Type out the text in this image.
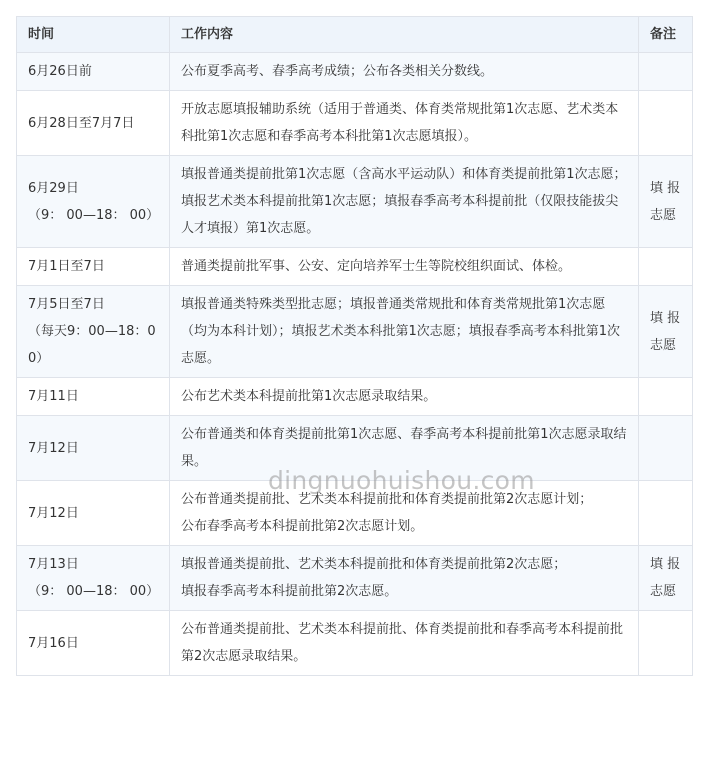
时间	工作内容	备注

6月26日前	公布夏季高考、春季高考成绩；公布各类相关分数线。	

6月28日至7月7日	开放志愿填报辅助系统（适用于普通类、体育类常规批第1次志愿、艺术类本科批第1次志愿和春季高考本科批第1次志愿填报）。	

6月29日
（9： 00—18： 00）	填报普通类提前批第1次志愿（含高水平运动队）和体育类提前批第1次志愿；
填报艺术类本科提前批第1次志愿；填报春季高考本科提前批（仅限技能拔尖人才填报）第1次志愿。	填 报志愿

7月1日至7日	普通类提前批军事、公安、定向培养军士生等院校组织面试、体检。	

7月5日至7日
（每天9：00—18：00）	填报普通类特殊类型批志愿；填报普通类常规批和体育类常规批第1次志愿（均为本科计划）；填报艺术类本科批第1次志愿；填报春季高考本科批第1次志愿。	填 报志愿

7月11日	公布艺术类本科提前批第1次志愿录取结果。	

7月12日	公布普通类和体育类提前批第1次志愿、春季高考本科提前批第1次志愿录取结果。	

7月12日	公布普通类提前批、艺术类本科提前批和体育类提前批第2次志愿计划；
公布春季高考本科提前批第2次志愿计划。	

7月13日
（9： 00—18： 00）	填报普通类提前批、艺术类本科提前批和体育类提前批第2次志愿；
填报春季高考本科提前批第2次志愿。	填 报志愿

7月16日	公布普通类提前批、艺术类本科提前批、体育类提前批和春季高考本科提前批第2次志愿录取结果。	

dingnuohuishou.com
